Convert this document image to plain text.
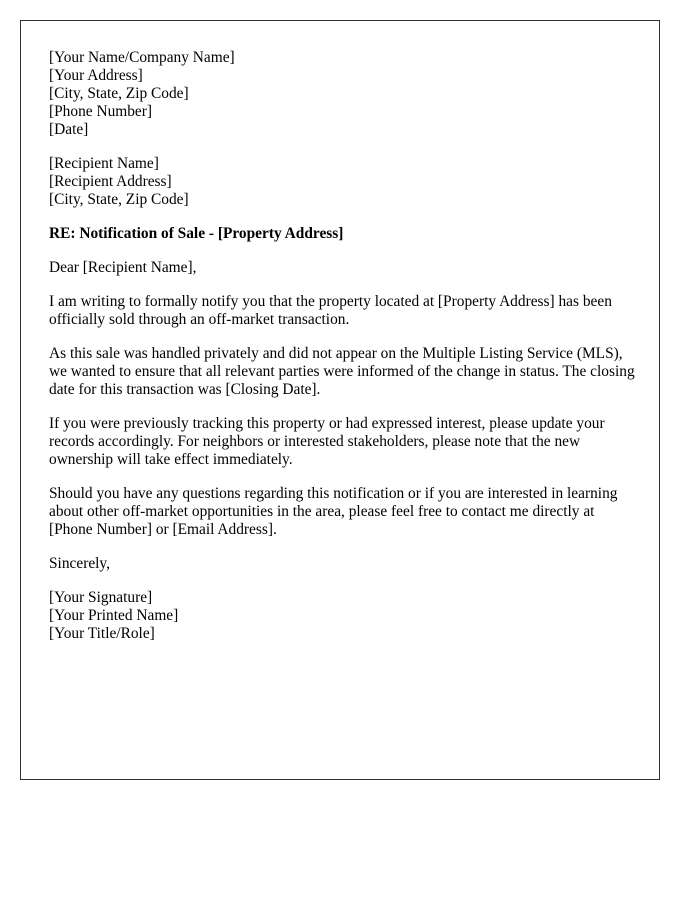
[Your Name/Company Name]
[Your Address]
[City, State, Zip Code]
[Phone Number]
[Date]
[Recipient Name]
[Recipient Address]
[City, State, Zip Code]

RE: Notification of Sale - [Property Address]

Dear [Recipient Name],

I am writing to formally notify you that the property located at [Property Address] has been officially sold through an off-market transaction.

As this sale was handled privately and did not appear on the Multiple Listing Service (MLS), we wanted to ensure that all relevant parties were informed of the change in status. The closing date for this transaction was [Closing Date].

If you were previously tracking this property or had expressed interest, please update your records accordingly. For neighbors or interested stakeholders, please note that the new ownership will take effect immediately.

Should you have any questions regarding this notification or if you are interested in learning about other off-market opportunities in the area, please feel free to contact me directly at [Phone Number] or [Email Address].

Sincerely,

[Your Signature]
[Your Printed Name]
[Your Title/Role]
